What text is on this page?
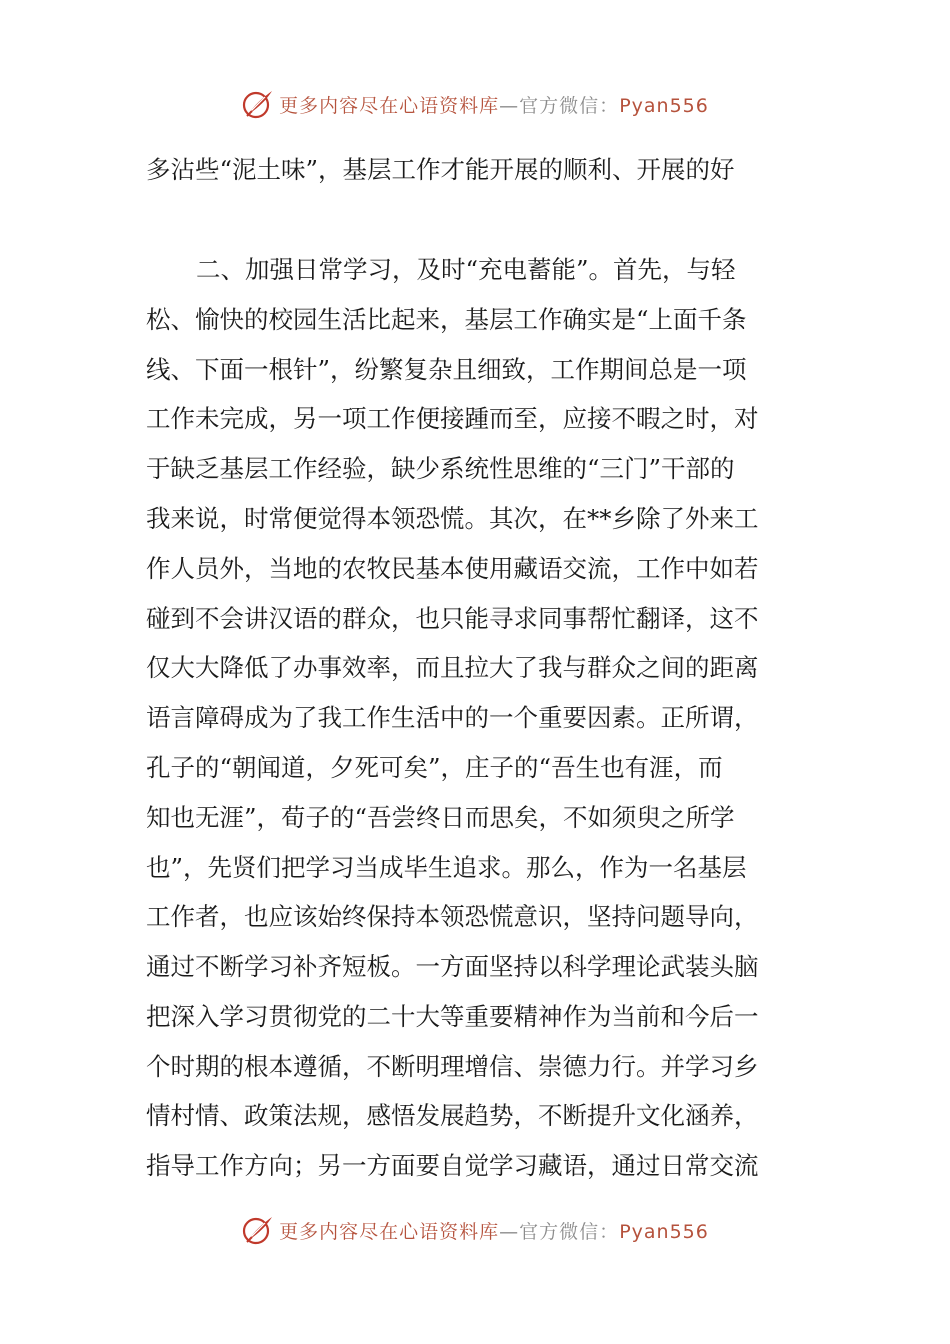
更多内容尽在心语资料库—官方微信：Pyan556
多沾些“泥土味”，基层工作才能开展的顺利、开展的好
二、加强日常学习，及时“充电蓄能”。首先，与轻
松、愉快的校园生活比起来，基层工作确实是“上面千条
线、下面一根针”，纷繁复杂且细致，工作期间总是一项
工作未完成，另一项工作便接踵而至，应接不暇之时，对
于缺乏基层工作经验，缺少系统性思维的“三门”干部的
我来说，时常便觉得本领恐慌。其次，在**乡除了外来工
作人员外，当地的农牧民基本使用藏语交流，工作中如若
碰到不会讲汉语的群众，也只能寻求同事帮忙翻译，这不
仅大大降低了办事效率，而且拉大了我与群众之间的距离
语言障碍成为了我工作生活中的一个重要因素。正所谓，
孔子的“朝闻道，夕死可矣”，庄子的“吾生也有涯，而
知也无涯”，荀子的“吾尝终日而思矣，不如须臾之所学
也”，先贤们把学习当成毕生追求。那么，作为一名基层
工作者，也应该始终保持本领恐慌意识，坚持问题导向，
通过不断学习补齐短板。一方面坚持以科学理论武装头脑
把深入学习贯彻党的二十大等重要精神作为当前和今后一
个时期的根本遵循，不断明理增信、崇德力行。并学习乡
情村情、政策法规，感悟发展趋势，不断提升文化涵养，
指导工作方向；另一方面要自觉学习藏语，通过日常交流
更多内容尽在心语资料库—官方微信：Pyan556
